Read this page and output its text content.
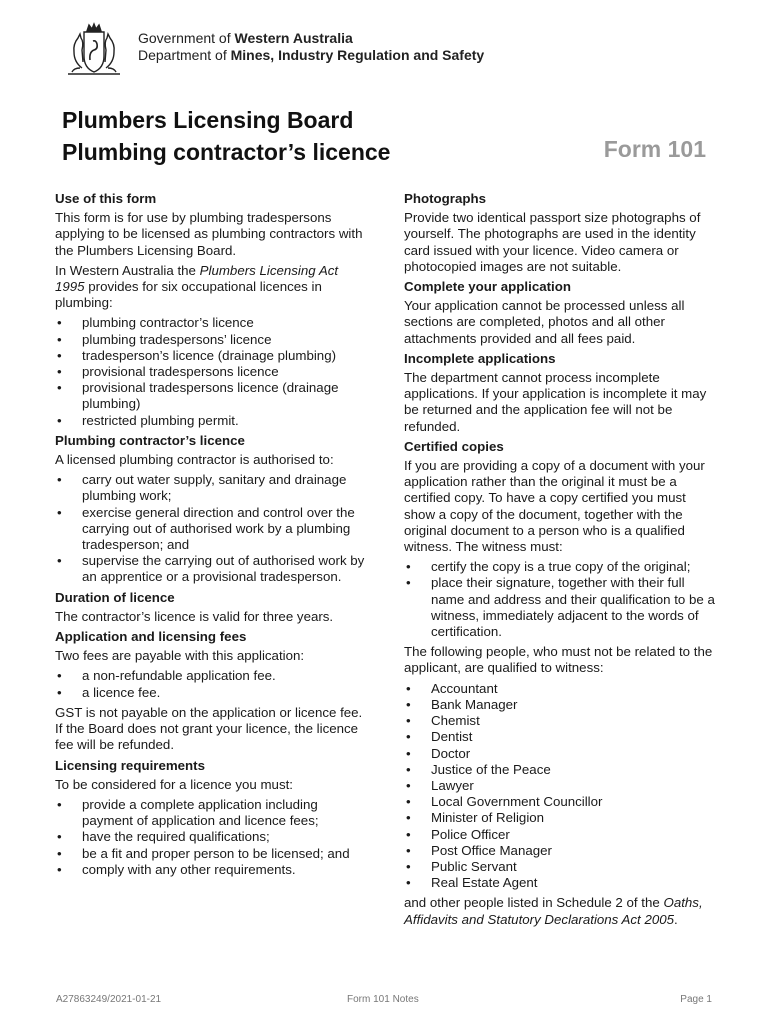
Government of Western Australia
Department of Mines, Industry Regulation and Safety
Plumbers Licensing Board
Plumbing contractor’s licence	Form 101
Use of this form

This form is for use by plumbing tradespersons applying to be licensed as plumbing contractors with the Plumbers Licensing Board.

In Western Australia the Plumbers Licensing Act 1995 provides for six occupational licences in plumbing:

• plumbing contractor’s licence
• plumbing tradespersons’ licence
• tradesperson’s licence (drainage plumbing)
• provisional tradespersons licence
• provisional tradespersons licence (drainage plumbing)
• restricted plumbing permit.
Plumbing contractor’s licence

A licensed plumbing contractor is authorised to:

• carry out water supply, sanitary and drainage plumbing work;
• exercise general direction and control over the carrying out of authorised work by a plumbing tradesperson; and
• supervise the carrying out of authorised work by an apprentice or a provisional tradesperson.
Duration of licence

The contractor’s licence is valid for three years.

Application and licensing fees

Two fees are payable with this application:

• a non-refundable application fee.
• a licence fee.

GST is not payable on the application or licence fee. If the Board does not grant your licence, the licence fee will be refunded.

Licensing requirements

To be considered for a licence you must:

• provide a complete application including payment of application and licence fees;
• have the required qualifications;
• be a fit and proper person to be licensed; and
• comply with any other requirements.
Photographs

Provide two identical passport size photographs of yourself. The photographs are used in the identity card issued with your licence. Video camera or photocopied images are not suitable.

Complete your application

Your application cannot be processed unless all sections are completed, photos and all other attachments provided and all fees paid.

Incomplete applications

The department cannot process incomplete applications. If your application is incomplete it may be returned and the application fee will not be refunded.

Certified copies

If you are providing a copy of a document with your application rather than the original it must be a certified copy. To have a copy certified you must show a copy of the document, together with the original document to a person who is a qualified witness. The witness must:

• certify the copy is a true copy of the original;
• place their signature, together with their full name and address and their qualification to be a witness, immediately adjacent to the words of certification.

The following people, who must not be related to the applicant, are qualified to witness:

• Accountant
• Bank Manager
• Chemist
• Dentist
• Doctor
• Justice of the Peace
• Lawyer
• Local Government Councillor
• Minister of Religion
• Police Officer
• Post Office Manager
• Public Servant
• Real Estate Agent

and other people listed in Schedule 2 of the Oaths, Affidavits and Statutory Declarations Act 2005.

A27863249/2021-01-21	Form 101 Notes	Page 1
